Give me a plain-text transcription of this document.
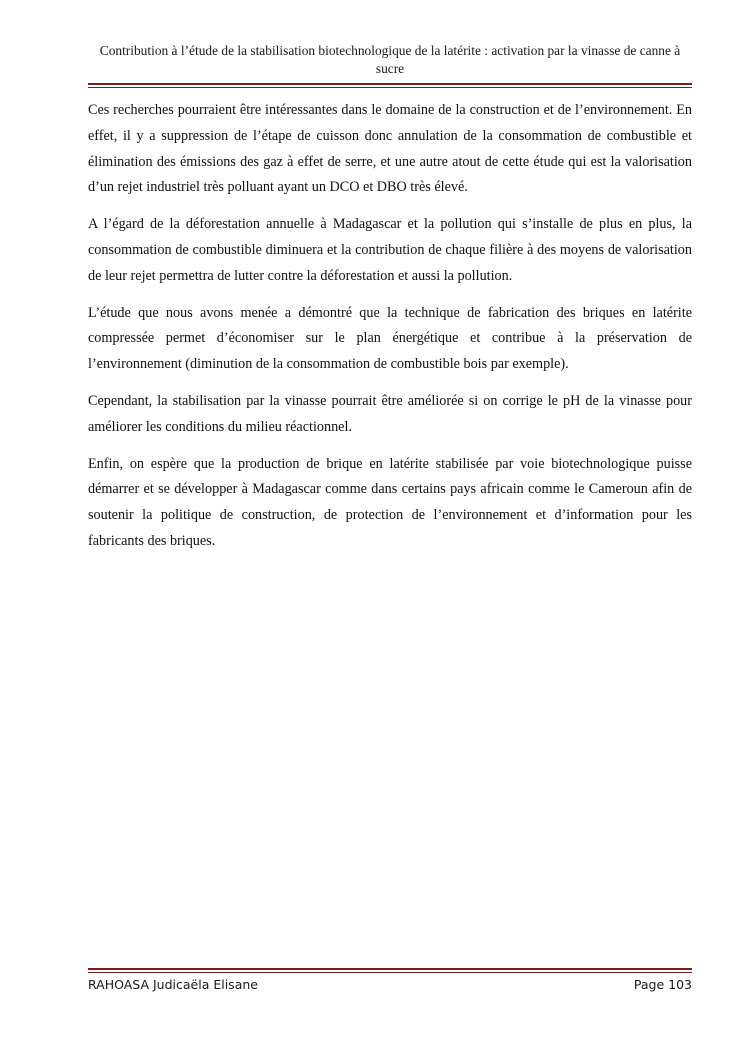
Contribution à l’étude de la stabilisation biotechnologique de la latérite : activation par la vinasse de canne à sucre

Ces recherches pourraient être intéressantes dans le domaine de la construction et de l’environnement. En effet, il y a suppression de l’étape de cuisson donc annulation de la consommation de combustible et élimination des émissions des gaz à effet de serre, et une autre atout de cette étude qui est la valorisation d’un rejet industriel très polluant ayant un DCO et DBO très élevé.

A l’égard de la déforestation annuelle à Madagascar et la pollution qui s’installe de plus en plus, la consommation de combustible diminuera et la contribution de chaque filière à des moyens de valorisation de leur rejet permettra de lutter contre la déforestation et aussi la pollution.

L’étude que nous avons menée a démontré que la technique de fabrication des briques en latérite compressée permet d’économiser sur le plan énergétique et contribue à la préservation de l’environnement (diminution de la consommation de combustible bois par exemple).

Cependant, la stabilisation par la vinasse pourrait être améliorée si on corrige le pH de la vinasse pour améliorer les conditions du milieu réactionnel.

Enfin, on espère que la production de brique en latérite stabilisée par voie biotechnologique puisse démarrer et se développer à Madagascar comme dans certains pays africain comme le Cameroun afin de soutenir la politique de construction, de protection de l’environnement et d’information pour les fabricants des briques.

RAHOASA Judicaëla Elisane	Page 103
